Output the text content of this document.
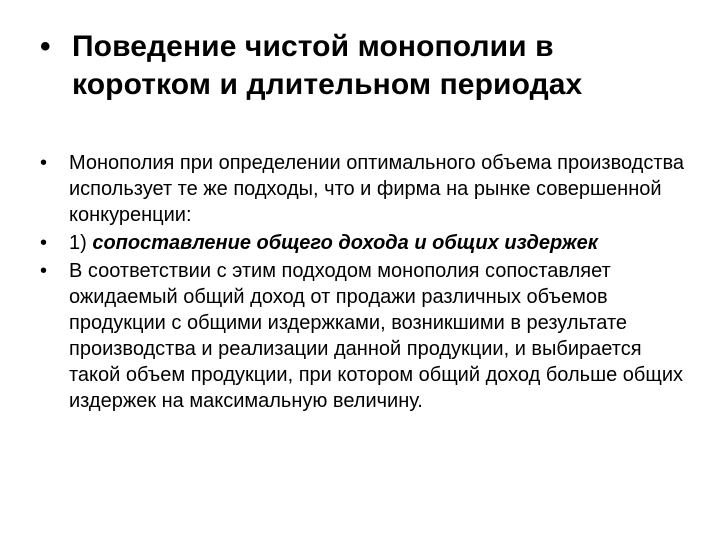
• Поведение чистой монополии в коротком и длительном периодах
•	Монополия при определении оптимального объема производства использует те же подходы, что и фирма на рынке совершенной конкуренции:
•	1) сопоставление общего дохода и общих издержек
•	В соответствии с этим подходом монополия сопоставляет ожидаемый общий доход от продажи различных объемов продукции с общими издержками, возникшими в результате производства и реализации данной продукции, и выбирается такой объем продукции, при котором общий доход больше общих издержек на максимальную величину.
